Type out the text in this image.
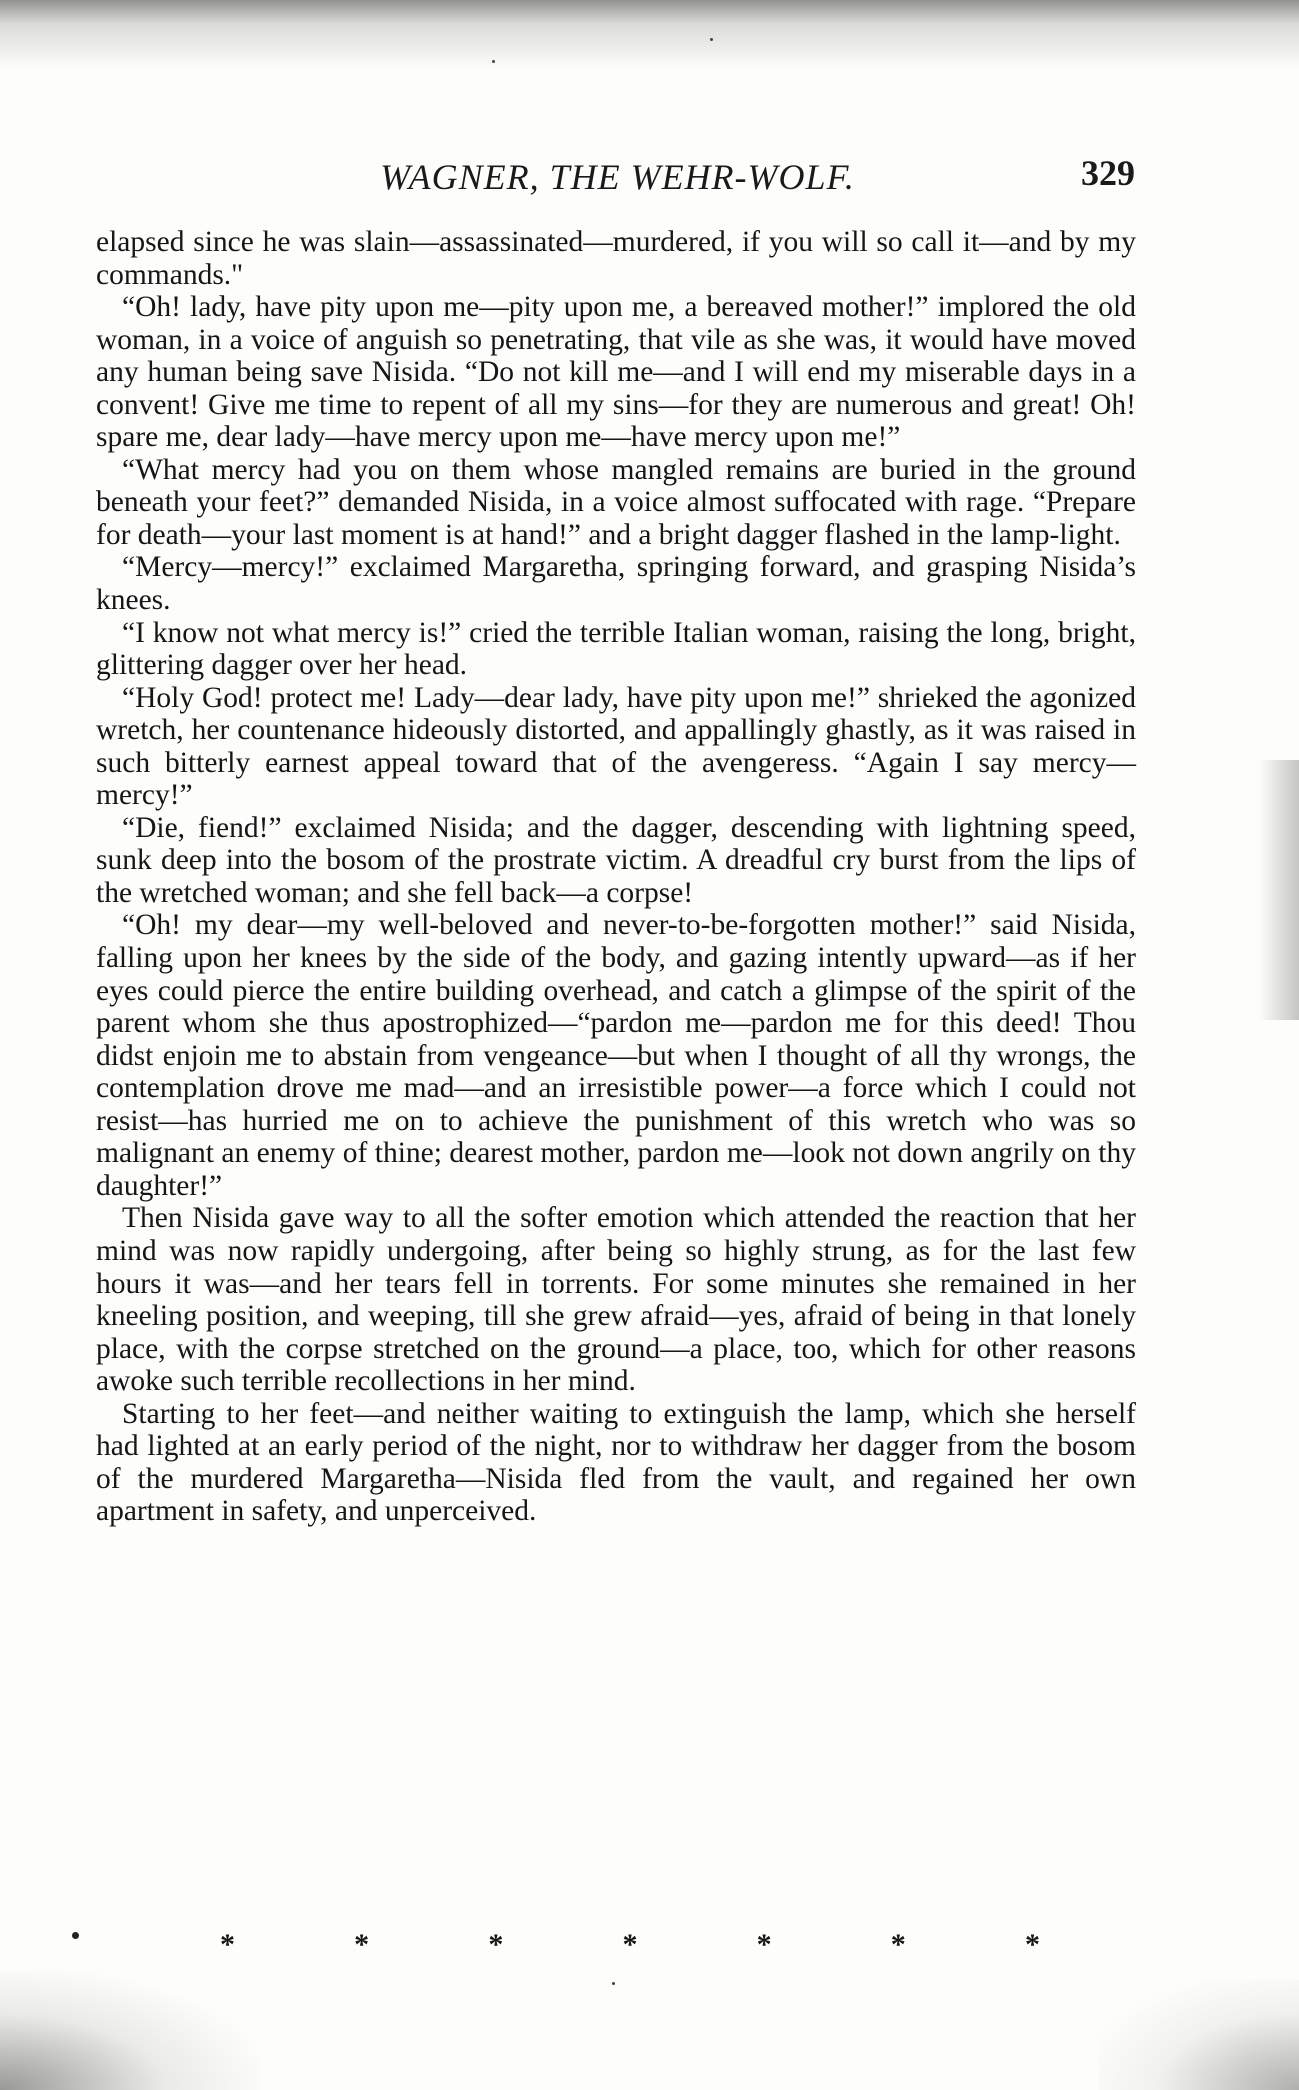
WAGNER, THE WEHR-WOLF.	329

elapsed since he was slain—assassinated—murdered, if you will so call it—and by my commands."

“Oh! lady, have pity upon me—pity upon me, a bereaved mother!” implored the old woman, in a voice of anguish so penetrating, that vile as she was, it would have moved any human being save Nisida. “Do not kill me—and I will end my miserable days in a convent! Give me time to repent of all my sins—for they are numerous and great! Oh! spare me, dear lady—have mercy upon me—have mercy upon me!”

“What mercy had you on them whose mangled remains are buried in the ground beneath your feet?” demanded Nisida, in a voice almost suffocated with rage. “Prepare for death—your last moment is at hand!” and a bright dagger flashed in the lamp-light.

“Mercy—mercy!” exclaimed Margaretha, springing forward, and grasping Nisida’s knees.

“I know not what mercy is!” cried the terrible Italian woman, raising the long, bright, glittering dagger over her head.

“Holy God! protect me! Lady—dear lady, have pity upon me!” shrieked the agonized wretch, her countenance hideously distorted, and appallingly ghastly, as it was raised in such bitterly earnest appeal toward that of the avengeress. “Again I say mercy—mercy!”

“Die, fiend!” exclaimed Nisida; and the dagger, descending with lightning speed, sunk deep into the bosom of the prostrate victim. A dreadful cry burst from the lips of the wretched woman; and she fell back—a corpse!

“Oh! my dear—my well-beloved and never-to-be-forgotten mother!” said Nisida, falling upon her knees by the side of the body, and gazing intently upward—as if her eyes could pierce the entire building overhead, and catch a glimpse of the spirit of the parent whom she thus apostrophized—“pardon me—pardon me for this deed! Thou didst enjoin me to abstain from vengeance—but when I thought of all thy wrongs, the contemplation drove me mad—and an irresistible power—a force which I could not resist—has hurried me on to achieve the punishment of this wretch who was so malignant an enemy of thine; dearest mother, pardon me—look not down angrily on thy daughter!”

Then Nisida gave way to all the softer emotion which attended the reaction that her mind was now rapidly undergoing, after being so highly strung, as for the last few hours it was—and her tears fell in torrents. For some minutes she remained in her kneeling position, and weeping, till she grew afraid—yes, afraid of being in that lonely place, with the corpse stretched on the ground—a place, too, which for other reasons awoke such terrible recollections in her mind.

Starting to her feet—and neither waiting to extinguish the lamp, which she herself had lighted at an early period of the night, nor to withdraw her dagger from the bosom of the murdered Margaretha—Nisida fled from the vault, and regained her own apartment in safety, and unperceived.

*	*	*	*	*	*	*
